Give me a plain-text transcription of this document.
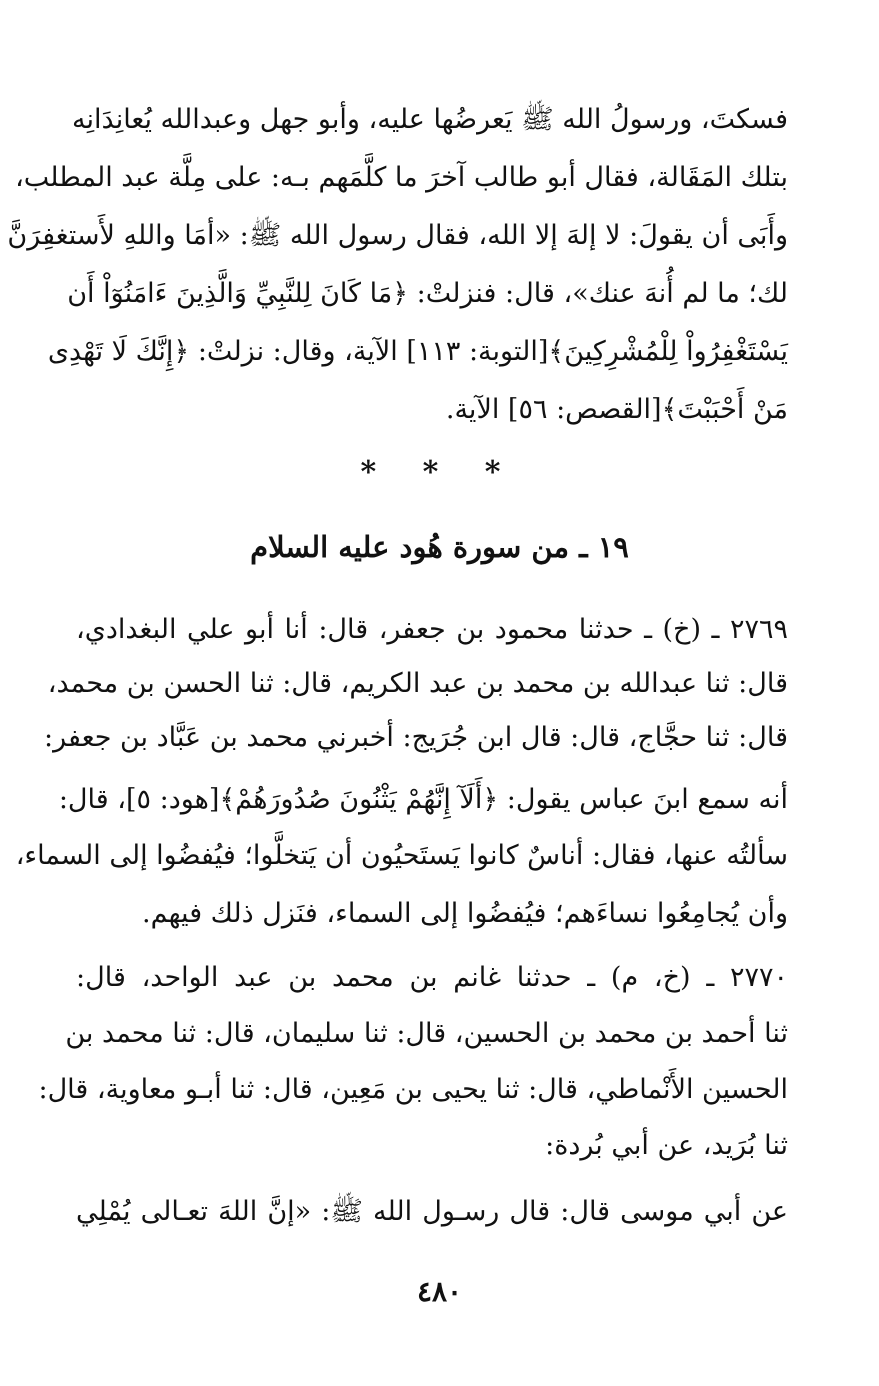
فسكتَ، ورسولُ الله ﷺ يَعرضُها عليه، وأبو جهل وعبدالله يُعانِدَانِه
بتلك المَقَالة، فقال أبو طالب آخرَ ما كلَّمَهم بـه: على مِلَّة عبد المطلب،
وأَبَى أن يقولَ: لا إلهَ إلا الله، فقال رسول الله ﷺ: «أمَا واللهِ لأَستغفِرَنَّ
لك؛ ما لم أُنهَ عنك»، قال: فنزلتْ: ﴿مَا كَانَ لِلنَّبِيِّ وَالَّذِينَ ءَامَنُوٓاْ أَن
يَسْتَغْفِرُواْ لِلْمُشْرِكِينَ﴾[التوبة: ١١٣] الآية، وقال: نزلتْ: ﴿إِنَّكَ لَا تَهْدِى
مَنْ أَحْبَبْتَ﴾[القصص: ٥٦] الآية.
* * *
١٩ ـ من سورة هُود عليه السلام
٢٧٦٩ ـ (خ) ـ حدثنا محمود بن جعفر، قال: أنا أبو علي البغدادي،
قال: ثنا عبدالله بن محمد بن عبد الكريم، قال: ثنا الحسن بن محمد،
قال: ثنا حجَّاج، قال: قال ابن جُرَيج: أخبرني محمد بن عَبَّاد بن جعفر:
أنه سمع ابنَ عباس يقول: ﴿أَلَآ إِنَّهُمْ يَثْنُونَ صُدُورَهُمْ﴾[هود: ٥]، قال:
سألتُه عنها، فقال: أناسٌ كانوا يَستَحيُون أن يَتخلَّوا؛ فيُفضُوا إلى السماء،
وأن يُجامِعُوا نساءَهم؛ فيُفضُوا إلى السماء، فنَزل ذلك فيهم.
٢٧٧٠ ـ (خ، م) ـ حدثنا غانم بن محمد بن عبد الواحد، قال:
ثنا أحمد بن محمد بن الحسين، قال: ثنا سليمان، قال: ثنا محمد بن
الحسين الأَنْماطي، قال: ثنا يحيى بن مَعِين، قال: ثنا أبـو معاوية، قال:
ثنا بُرَيد، عن أبي بُردة:
عن أبي موسى قال: قال رسـول الله ﷺ: «إنَّ اللهَ تعـالى يُمْلِي
٤٨٠
